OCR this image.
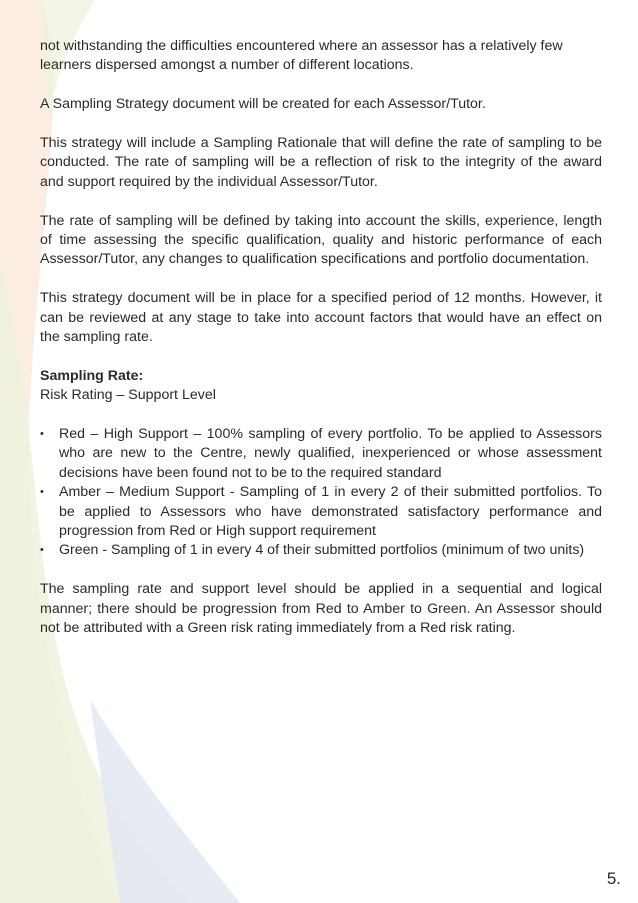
not withstanding the difficulties encountered where an assessor has a relatively few learners dispersed amongst a number of different locations.

A Sampling Strategy document will be created for each Assessor/Tutor.

This strategy will include a Sampling Rationale that will define the rate of sampling to be conducted. The rate of sampling will be a reflection of risk to the integrity of the award and support required by the individual Assessor/Tutor.

The rate of sampling will be defined by taking into account the skills, experience, length of time assessing the specific qualification, quality and historic performance of each Assessor/Tutor, any changes to qualification specifications and portfolio documentation.

This strategy document will be in place for a specified period of 12 months. However, it can be reviewed at any stage to take into account factors that would have an effect on the sampling rate.

Sampling Rate:

Risk Rating – Support Level

• Red – High Support – 100% sampling of every portfolio. To be applied to Assessors who are new to the Centre, newly qualified, inexperienced or whose assessment decisions have been found not to be to the required standard
• Amber – Medium Support - Sampling of 1 in every 2 of their submitted portfolios. To be applied to Assessors who have demonstrated satisfactory performance and progression from Red or High support requirement
• Green - Sampling of 1 in every 4 of their submitted portfolios (minimum of two units)

The sampling rate and support level should be applied in a sequential and logical manner; there should be progression from Red to Amber to Green. An Assessor should not be attributed with a Green risk rating immediately from a Red risk rating.

5.
